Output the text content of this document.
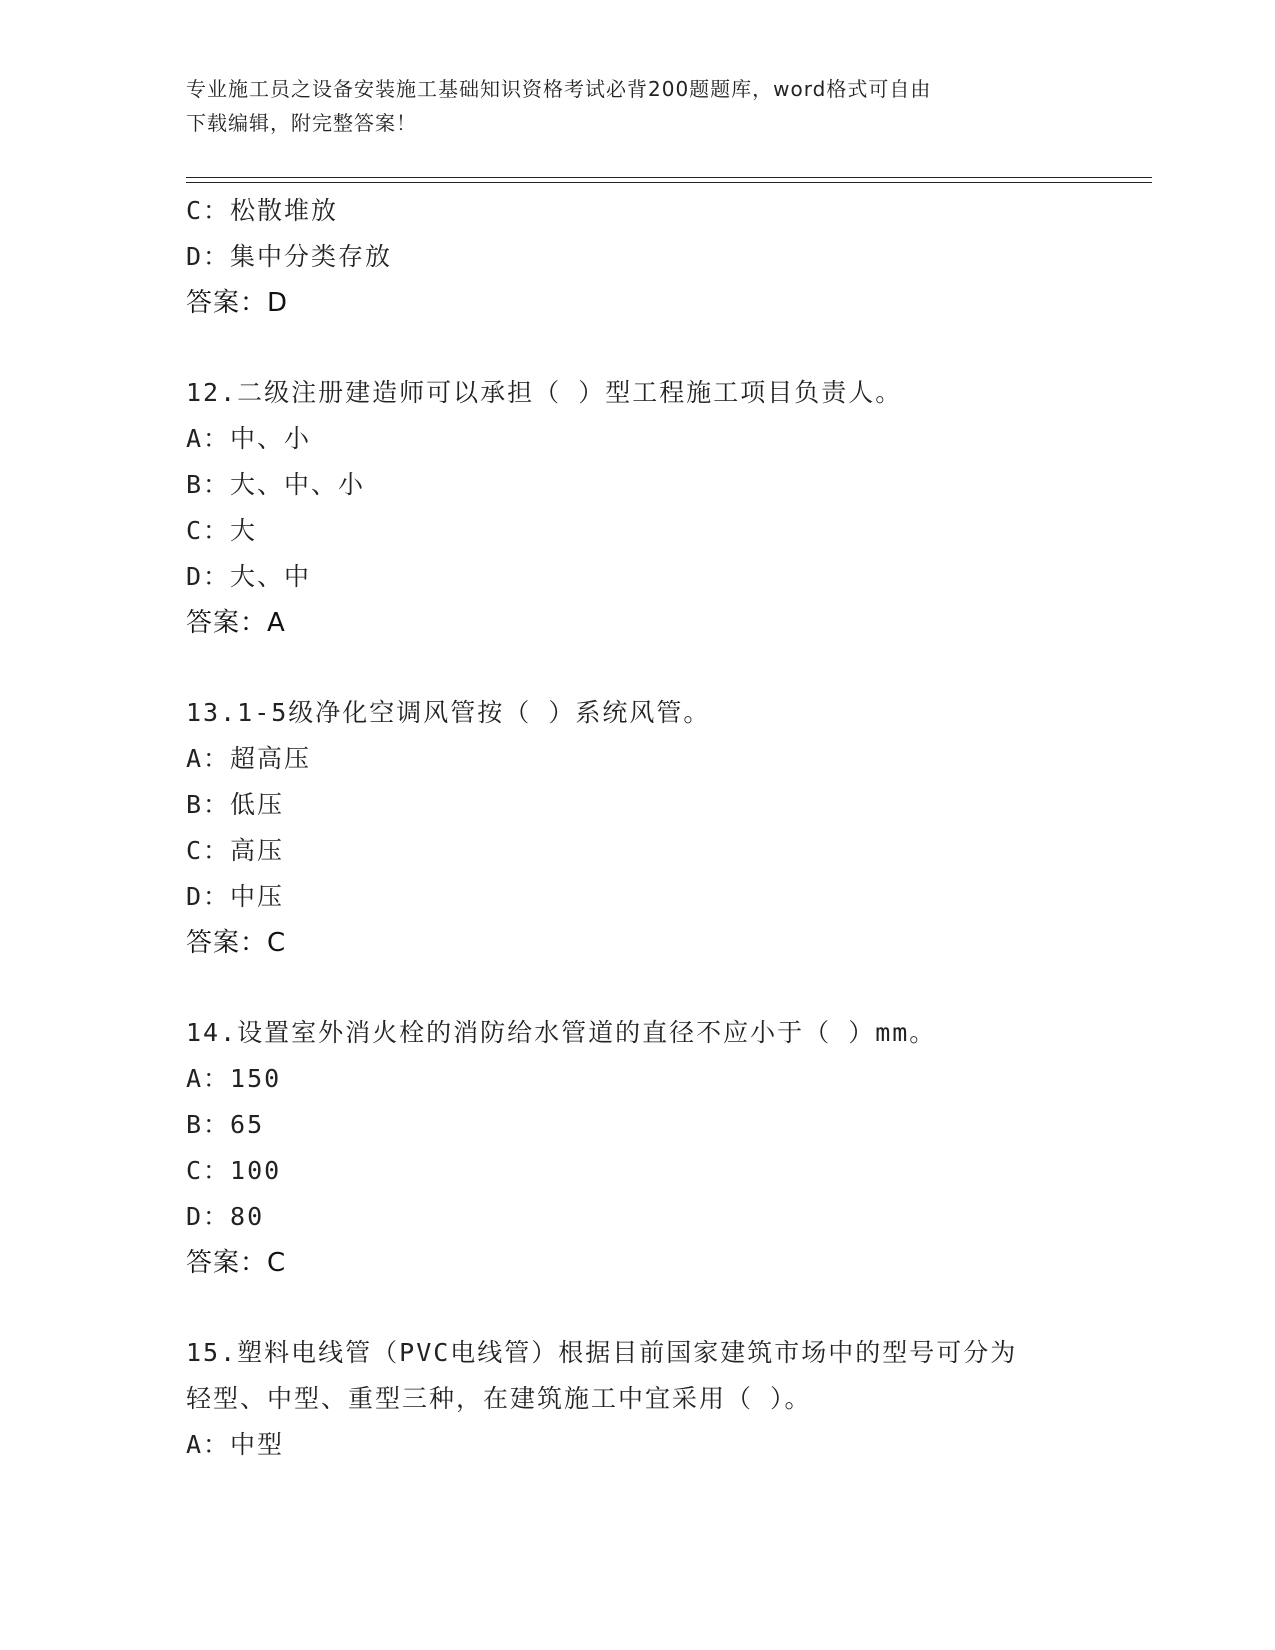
专业施工员之设备安装施工基础知识资格考试必背200题题库，word格式可自由
下载编辑，附完整答案！
C：松散堆放
D：集中分类存放
答案：D
12.二级注册建造师可以承担（ ）型工程施工项目负责人。
A：中、小
B：大、中、小
C：大
D：大、中
答案：A
13.1-5级净化空调风管按（ ）系统风管。
A：超高压
B：低压
C：高压
D：中压
答案：C
14.设置室外消火栓的消防给水管道的直径不应小于（ ）mm。
A：150
B：65
C：100
D：80
答案：C
15.塑料电线管（PVC电线管）根据目前国家建筑市场中的型号可分为
轻型、中型、重型三种，在建筑施工中宜采用（ ）。
A：中型
